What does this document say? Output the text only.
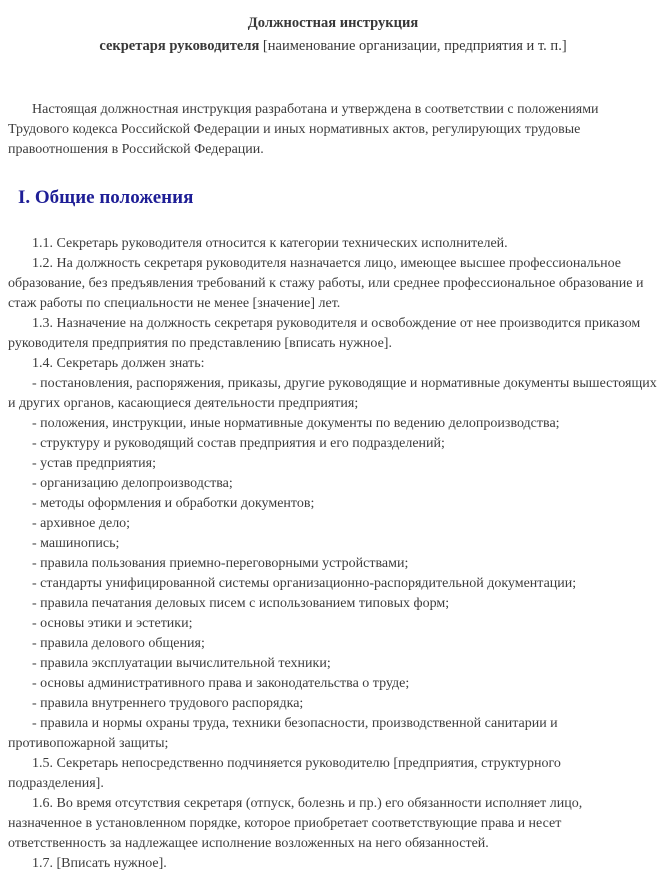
Должностная инструкция

секретаря руководителя [наименование организации, предприятия и т. п.]

Настоящая должностная инструкция разработана и утверждена в соответствии с положениями Трудового кодекса Российской Федерации и иных нормативных актов, регулирующих трудовые правоотношения в Российской Федерации.

I. Общие положения

1.1. Секретарь руководителя относится к категории технических исполнителей.

1.2. На должность секретаря руководителя назначается лицо, имеющее высшее профессиональное образование, без предъявления требований к стажу работы, или среднее профессиональное образование и стаж работы по специальности не менее [значение] лет.

1.3. Назначение на должность секретаря руководителя и освобождение от нее производится приказом руководителя предприятия по представлению [вписать нужное].

1.4. Секретарь должен знать:

- постановления, распоряжения, приказы, другие руководящие и нормативные документы вышестоящих и других органов, касающиеся деятельности предприятия;

- положения, инструкции, иные нормативные документы по ведению делопроизводства;

- структуру и руководящий состав предприятия и его подразделений;

- устав предприятия;

- организацию делопроизводства;

- методы оформления и обработки документов;

- архивное дело;

- машинопись;

- правила пользования приемно-переговорными устройствами;

- стандарты унифицированной системы организационно-распорядительной документации;

- правила печатания деловых писем с использованием типовых форм;

- основы этики и эстетики;

- правила делового общения;

- правила эксплуатации вычислительной техники;

- основы административного права и законодательства о труде;

- правила внутреннего трудового распорядка;

- правила и нормы охраны труда, техники безопасности, производственной санитарии и противопожарной защиты;

1.5. Секретарь непосредственно подчиняется руководителю [предприятия, структурного подразделения].

1.6. Во время отсутствия секретаря (отпуск, болезнь и пр.) его обязанности исполняет лицо, назначенное в установленном порядке, которое приобретает соответствующие права и несет ответственность за надлежащее исполнение возложенных на него обязанностей.

1.7. [Вписать нужное].
